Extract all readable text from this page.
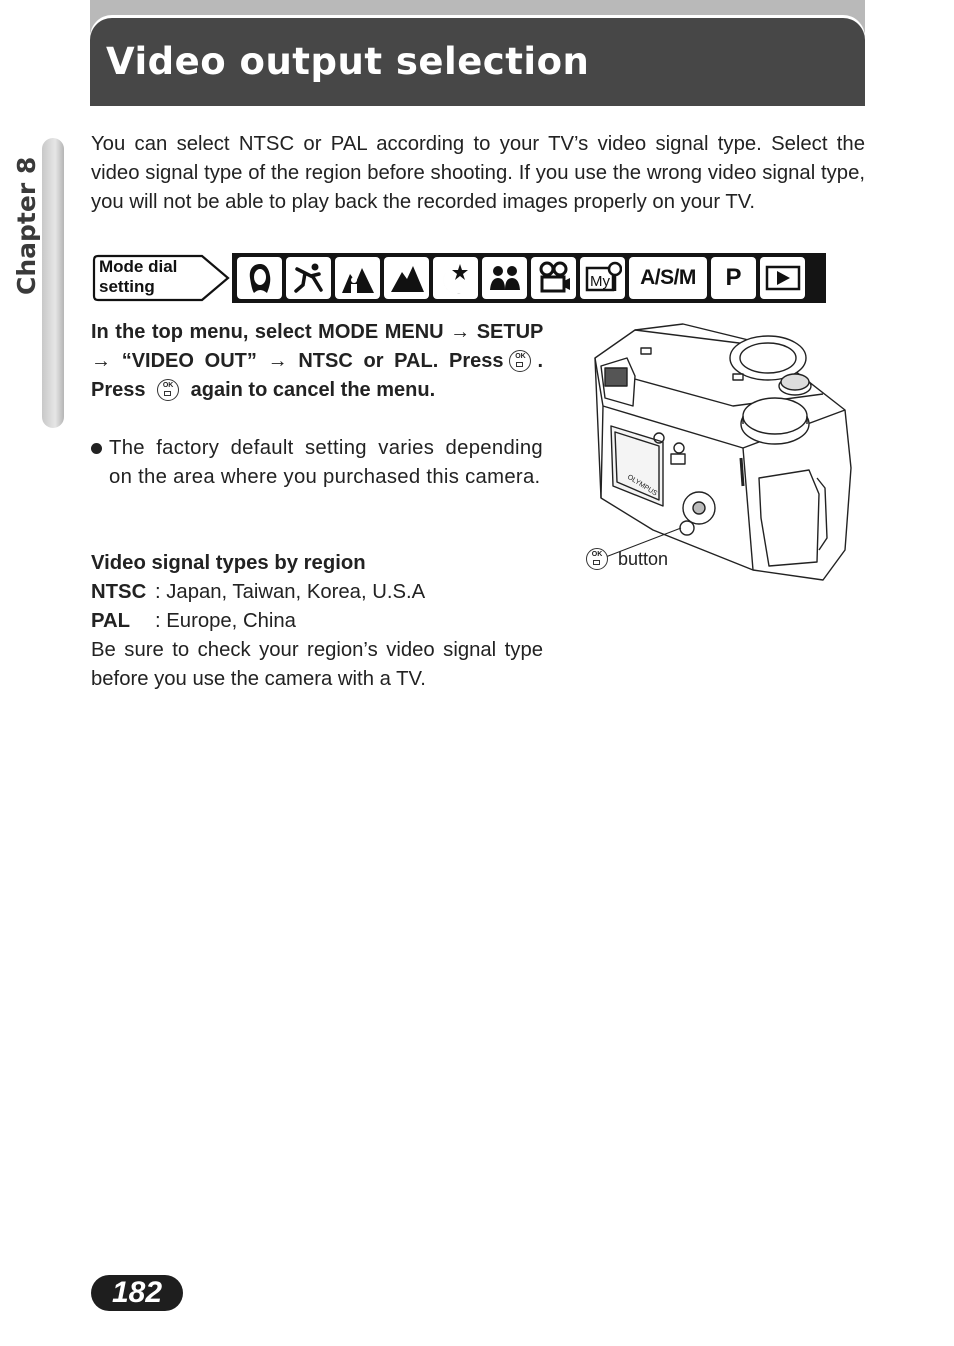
Video output selection
Chapter 8

You can select NTSC or PAL according to your TV’s video signal type. Select the video signal type of the region before shooting. If you use the wrong video signal type, you will not be able to play back the recorded images properly on your TV.

Mode dial
setting	My	A/S/M	P

In the top menu, select MODE MENU → SETUP → “VIDEO OUT” → NTSC or PAL. Press	OK . Press	OK again to cancel the menu.

The factory default setting varies depending on the area where you purchased this camera.

Video signal types by region

NTSC : Japan, Taiwan, Korea, U.S.A

PAL : Europe, China

Be sure to check your region’s video signal type before you use the camera with a TV.

OLYMPUS
OK button
182
